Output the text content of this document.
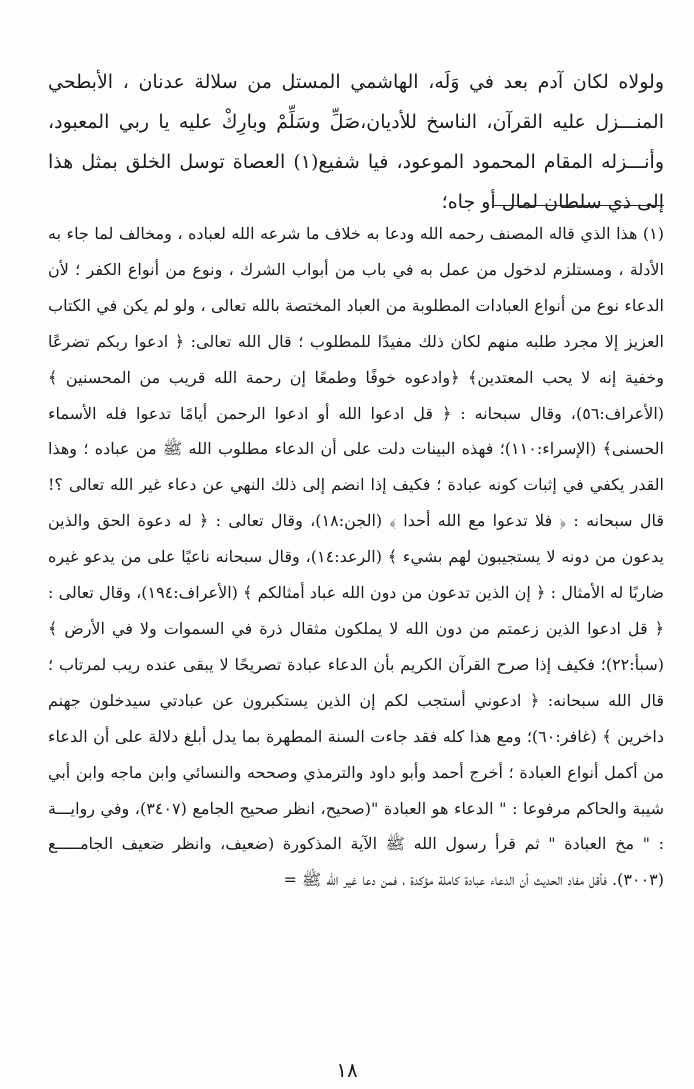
ولولاه لكان آدم بعد في وَلَه، الهاشمي المستل من سلالة عدنان ، الأبطحي المنـــزل عليه القرآن، الناسخ للأديان،صَلِّ وسَلِّمْ وبارِكْ عليه يا ربي المعبود، وأنـــزله المقام المحمود الموعود، فيا شفيع(١) العصاة توسل الخلق بمثل هذا إلى ذي سلطان لمال أو جاه؛

(١) هذا الذي قاله المصنف رحمه الله ودعا به خلاف ما شرعه الله لعباده ، ومخالف لما جاء به الأدلة ، ومستلزم لدخول من عمل به في باب من أبواب الشرك ، ونوع من أنواع الكفر ؛ لأن الدعاء نوع من أنواع العبادات المطلوبة من العباد المختصة بالله تعالى ، ولو لم يكن في الكتاب العزيز إلا مجرد طلبه منهم لكان ذلك مفيدًا للمطلوب ؛ قال الله تعالى: ﴿ ادعوا ربكم تضرعًا وخفية إنه لا يحب المعتدين﴾ ﴿وادعوه خوفًا وطمعًا إن رحمة الله قريب من المحسنين ﴾ (الأعراف:٥٦)، وقال سبحانه : ﴿ قل ادعوا الله أو ادعوا الرحمن أيامًا تدعوا فله الأسماء الحسنى﴾ (الإسراء:١١٠)؛ فهذه البينات دلت على أن الدعاء مطلوب الله ﷺ من عباده ؛ وهذا القدر يكفي في إثبات كونه عبادة ؛ فكيف إذا انضم إلى ذلك النهي عن دعاء غير الله تعالى ؟! قال سبحانه : ﴿ فلا تدعوا مع الله أحدا ﴾ (الجن:١٨)، وقال تعالى : ﴿ له دعوة الحق والذين يدعون من دونه لا يستجيبون لهم بشيء ﴾ (الرعد:١٤)، وقال سبحانه ناعيًا على من يدعو غيره ضاربًا له الأمثال : ﴿ إن الذين تدعون من دون الله عباد أمثالكم ﴾ (الأعراف:١٩٤)، وقال تعالى : ﴿ قل ادعوا الذين زعمتم من دون الله لا يملكون مثقال ذرة في السموات ولا في الأرض ﴾ (سبأ:٢٢)؛ فكيف إذا صرح القرآن الكريم بأن الدعاء عبادة تصريحًا لا يبقى عنده ريب لمرتاب ؛ قال الله سبحانه: ﴿ ادعوني أستجب لكم إن الذين يستكبرون عن عبادتي سيدخلون جهنم داخرين ﴾ (غافر:٦٠)؛ ومع هذا كله فقد جاءت السنة المطهرة بما يدل أبلغ دلالة على أن الدعاء من أكمل أنواع العبادة ؛ أخرج أحمد وأبو داود والترمذي وصححه والنسائي وابن ماجه وابن أبي شيبة والحاكم مرفوعا : " الدعاء هو العبادة "(صحيح، انظر صحيح الجامع (٣٤٠٧)، وفي روايـــة : " مخ العبادة " ثم قرأ رسول الله ﷺ الآية المذكورة (ضعيف، وانظر ضعيف الجامـــــع (٣٠٠٣). فأقل مفاد الحديث أن الدعاء عبادة كاملة مؤكدة ، فمن دعا غير الله ﷺ =

١٨
